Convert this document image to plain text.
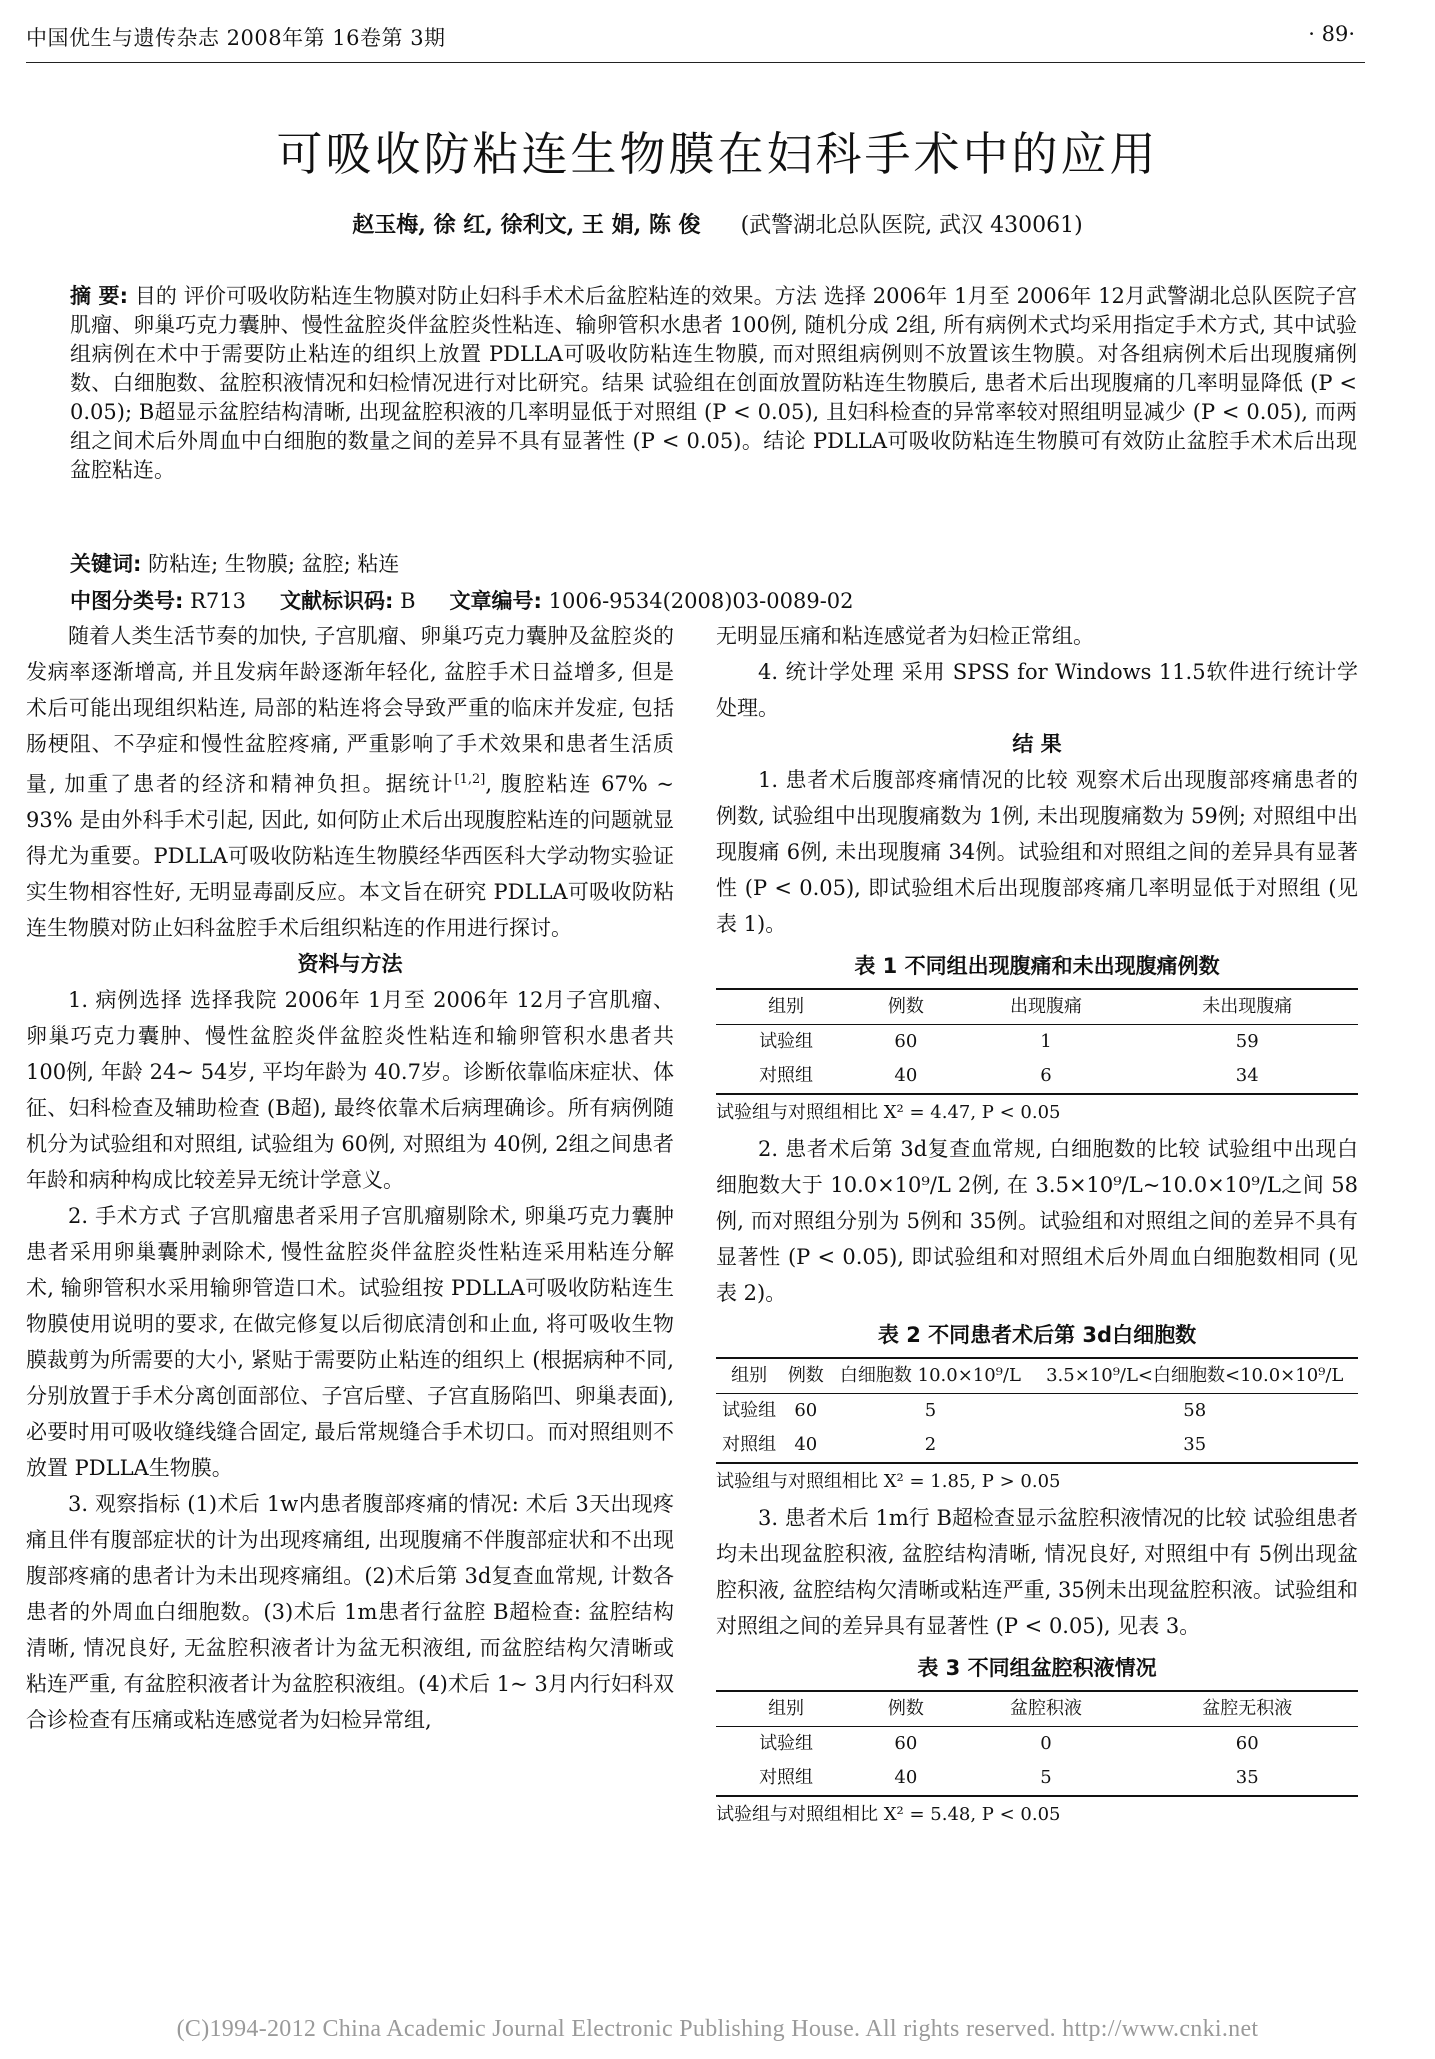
中国优生与遗传杂志 2008年第 16卷第 3期	· 89·
可吸收防粘连生物膜在妇科手术中的应用
赵玉梅, 徐 红, 徐利文, 王 娟, 陈 俊 (武警湖北总队医院, 武汉 430061)
摘 要: 目的 评价可吸收防粘连生物膜对防止妇科手术术后盆腔粘连的效果。方法 选择 2006年 1月至 2006年 12月武警湖北总队医院子宫肌瘤、卵巢巧克力囊肿、慢性盆腔炎伴盆腔炎性粘连、输卵管积水患者 100例, 随机分成 2组, 所有病例术式均采用指定手术方式, 其中试验组病例在术中于需要防止粘连的组织上放置 PDLLA可吸收防粘连生物膜, 而对照组病例则不放置该生物膜。对各组病例术后出现腹痛例数、白细胞数、盆腔积液情况和妇检情况进行对比研究。结果 试验组在创面放置防粘连生物膜后, 患者术后出现腹痛的几率明显降低 (P < 0.05); B超显示盆腔结构清晰, 出现盆腔积液的几率明显低于对照组 (P < 0.05), 且妇科检查的异常率较对照组明显减少 (P < 0.05), 而两组之间术后外周血中白细胞的数量之间的差异不具有显著性 (P < 0.05)。结论 PDLLA可吸收防粘连生物膜可有效防止盆腔手术术后出现盆腔粘连。
关键词: 防粘连; 生物膜; 盆腔; 粘连
中图分类号: R713 文献标识码: B 文章编号: 1006-9534(2008)03-0089-02

随着人类生活节奏的加快, 子宫肌瘤、卵巢巧克力囊肿及盆腔炎的发病率逐渐增高, 并且发病年龄逐渐年轻化, 盆腔手术日益增多, 但是术后可能出现组织粘连, 局部的粘连将会导致严重的临床并发症, 包括肠梗阻、不孕症和慢性盆腔疼痛, 严重影响了手术效果和患者生活质量, 加重了患者的经济和精神负担。据统计[1,2], 腹腔粘连 67% ~ 93% 是由外科手术引起, 因此, 如何防止术后出现腹腔粘连的问题就显得尤为重要。PDLLA可吸收防粘连生物膜经华西医科大学动物实验证实生物相容性好, 无明显毒副反应。本文旨在研究 PDLLA可吸收防粘连生物膜对防止妇科盆腔手术后组织粘连的作用进行探讨。

资料与方法

1. 病例选择 选择我院 2006年 1月至 2006年 12月子宫肌瘤、卵巢巧克力囊肿、慢性盆腔炎伴盆腔炎性粘连和输卵管积水患者共 100例, 年龄 24~ 54岁, 平均年龄为 40.7岁。诊断依靠临床症状、体征、妇科检查及辅助检查 (B超), 最终依靠术后病理确诊。所有病例随机分为试验组和对照组, 试验组为 60例, 对照组为 40例, 2组之间患者年龄和病种构成比较差异无统计学意义。

2. 手术方式 子宫肌瘤患者采用子宫肌瘤剔除术, 卵巢巧克力囊肿患者采用卵巢囊肿剥除术, 慢性盆腔炎伴盆腔炎性粘连采用粘连分解术, 输卵管积水采用输卵管造口术。试验组按 PDLLA可吸收防粘连生物膜使用说明的要求, 在做完修复以后彻底清创和止血, 将可吸收生物膜裁剪为所需要的大小, 紧贴于需要防止粘连的组织上 (根据病种不同, 分别放置于手术分离创面部位、子宫后壁、子宫直肠陷凹、卵巢表面), 必要时用可吸收缝线缝合固定, 最后常规缝合手术切口。而对照组则不放置 PDLLA生物膜。

3. 观察指标 (1)术后 1w内患者腹部疼痛的情况: 术后 3天出现疼痛且伴有腹部症状的计为出现疼痛组, 出现腹痛不伴腹部症状和不出现腹部疼痛的患者计为未出现疼痛组。(2)术后第 3d复查血常规, 计数各患者的外周血白细胞数。(3)术后 1m患者行盆腔 B超检查: 盆腔结构清晰, 情况良好, 无盆腔积液者计为盆无积液组, 而盆腔结构欠清晰或粘连严重, 有盆腔积液者计为盆腔积液组。(4)术后 1~ 3月内行妇科双合诊检查有压痛或粘连感觉者为妇检异常组,

无明显压痛和粘连感觉者为妇检正常组。

4. 统计学处理 采用 SPSS for Windows 11.5软件进行统计学处理。

结 果

1. 患者术后腹部疼痛情况的比较 观察术后出现腹部疼痛患者的例数, 试验组中出现腹痛数为 1例, 未出现腹痛数为 59例; 对照组中出现腹痛 6例, 未出现腹痛 34例。试验组和对照组之间的差异具有显著性 (P < 0.05), 即试验组术后出现腹部疼痛几率明显低于对照组 (见表 1)。

表 1 不同组出现腹痛和未出现腹痛例数
组别	例数	出现腹痛	未出现腹痛
试验组	60	1	59
对照组	40	6	34

试验组与对照组相比 X² = 4.47, P < 0.05

2. 患者术后第 3d复查血常规, 白细胞数的比较 试验组中出现白细胞数大于 10.0×10⁹/L 2例, 在 3.5×10⁹/L~10.0×10⁹/L之间 58例, 而对照组分别为 5例和 35例。试验组和对照组之间的差异不具有显著性 (P < 0.05), 即试验组和对照组术后外周血白细胞数相同 (见表 2)。

表 2 不同患者术后第 3d白细胞数
组别	例数	白细胞数 10.0×10⁹/L	3.5×10⁹/L<白细胞数<10.0×10⁹/L
试验组	60	5	58
对照组	40	2	35

试验组与对照组相比 X² = 1.85, P > 0.05

3. 患者术后 1m行 B超检查显示盆腔积液情况的比较 试验组患者均未出现盆腔积液, 盆腔结构清晰, 情况良好, 对照组中有 5例出现盆腔积液, 盆腔结构欠清晰或粘连严重, 35例未出现盆腔积液。试验组和对照组之间的差异具有显著性 (P < 0.05), 见表 3。

表 3 不同组盆腔积液情况
组别	例数	盆腔积液	盆腔无积液
试验组	60	0	60
对照组	40	5	35

试验组与对照组相比 X² = 5.48, P < 0.05

(C)1994-2012 China Academic Journal Electronic Publishing House. All rights reserved. http://www.cnki.net
